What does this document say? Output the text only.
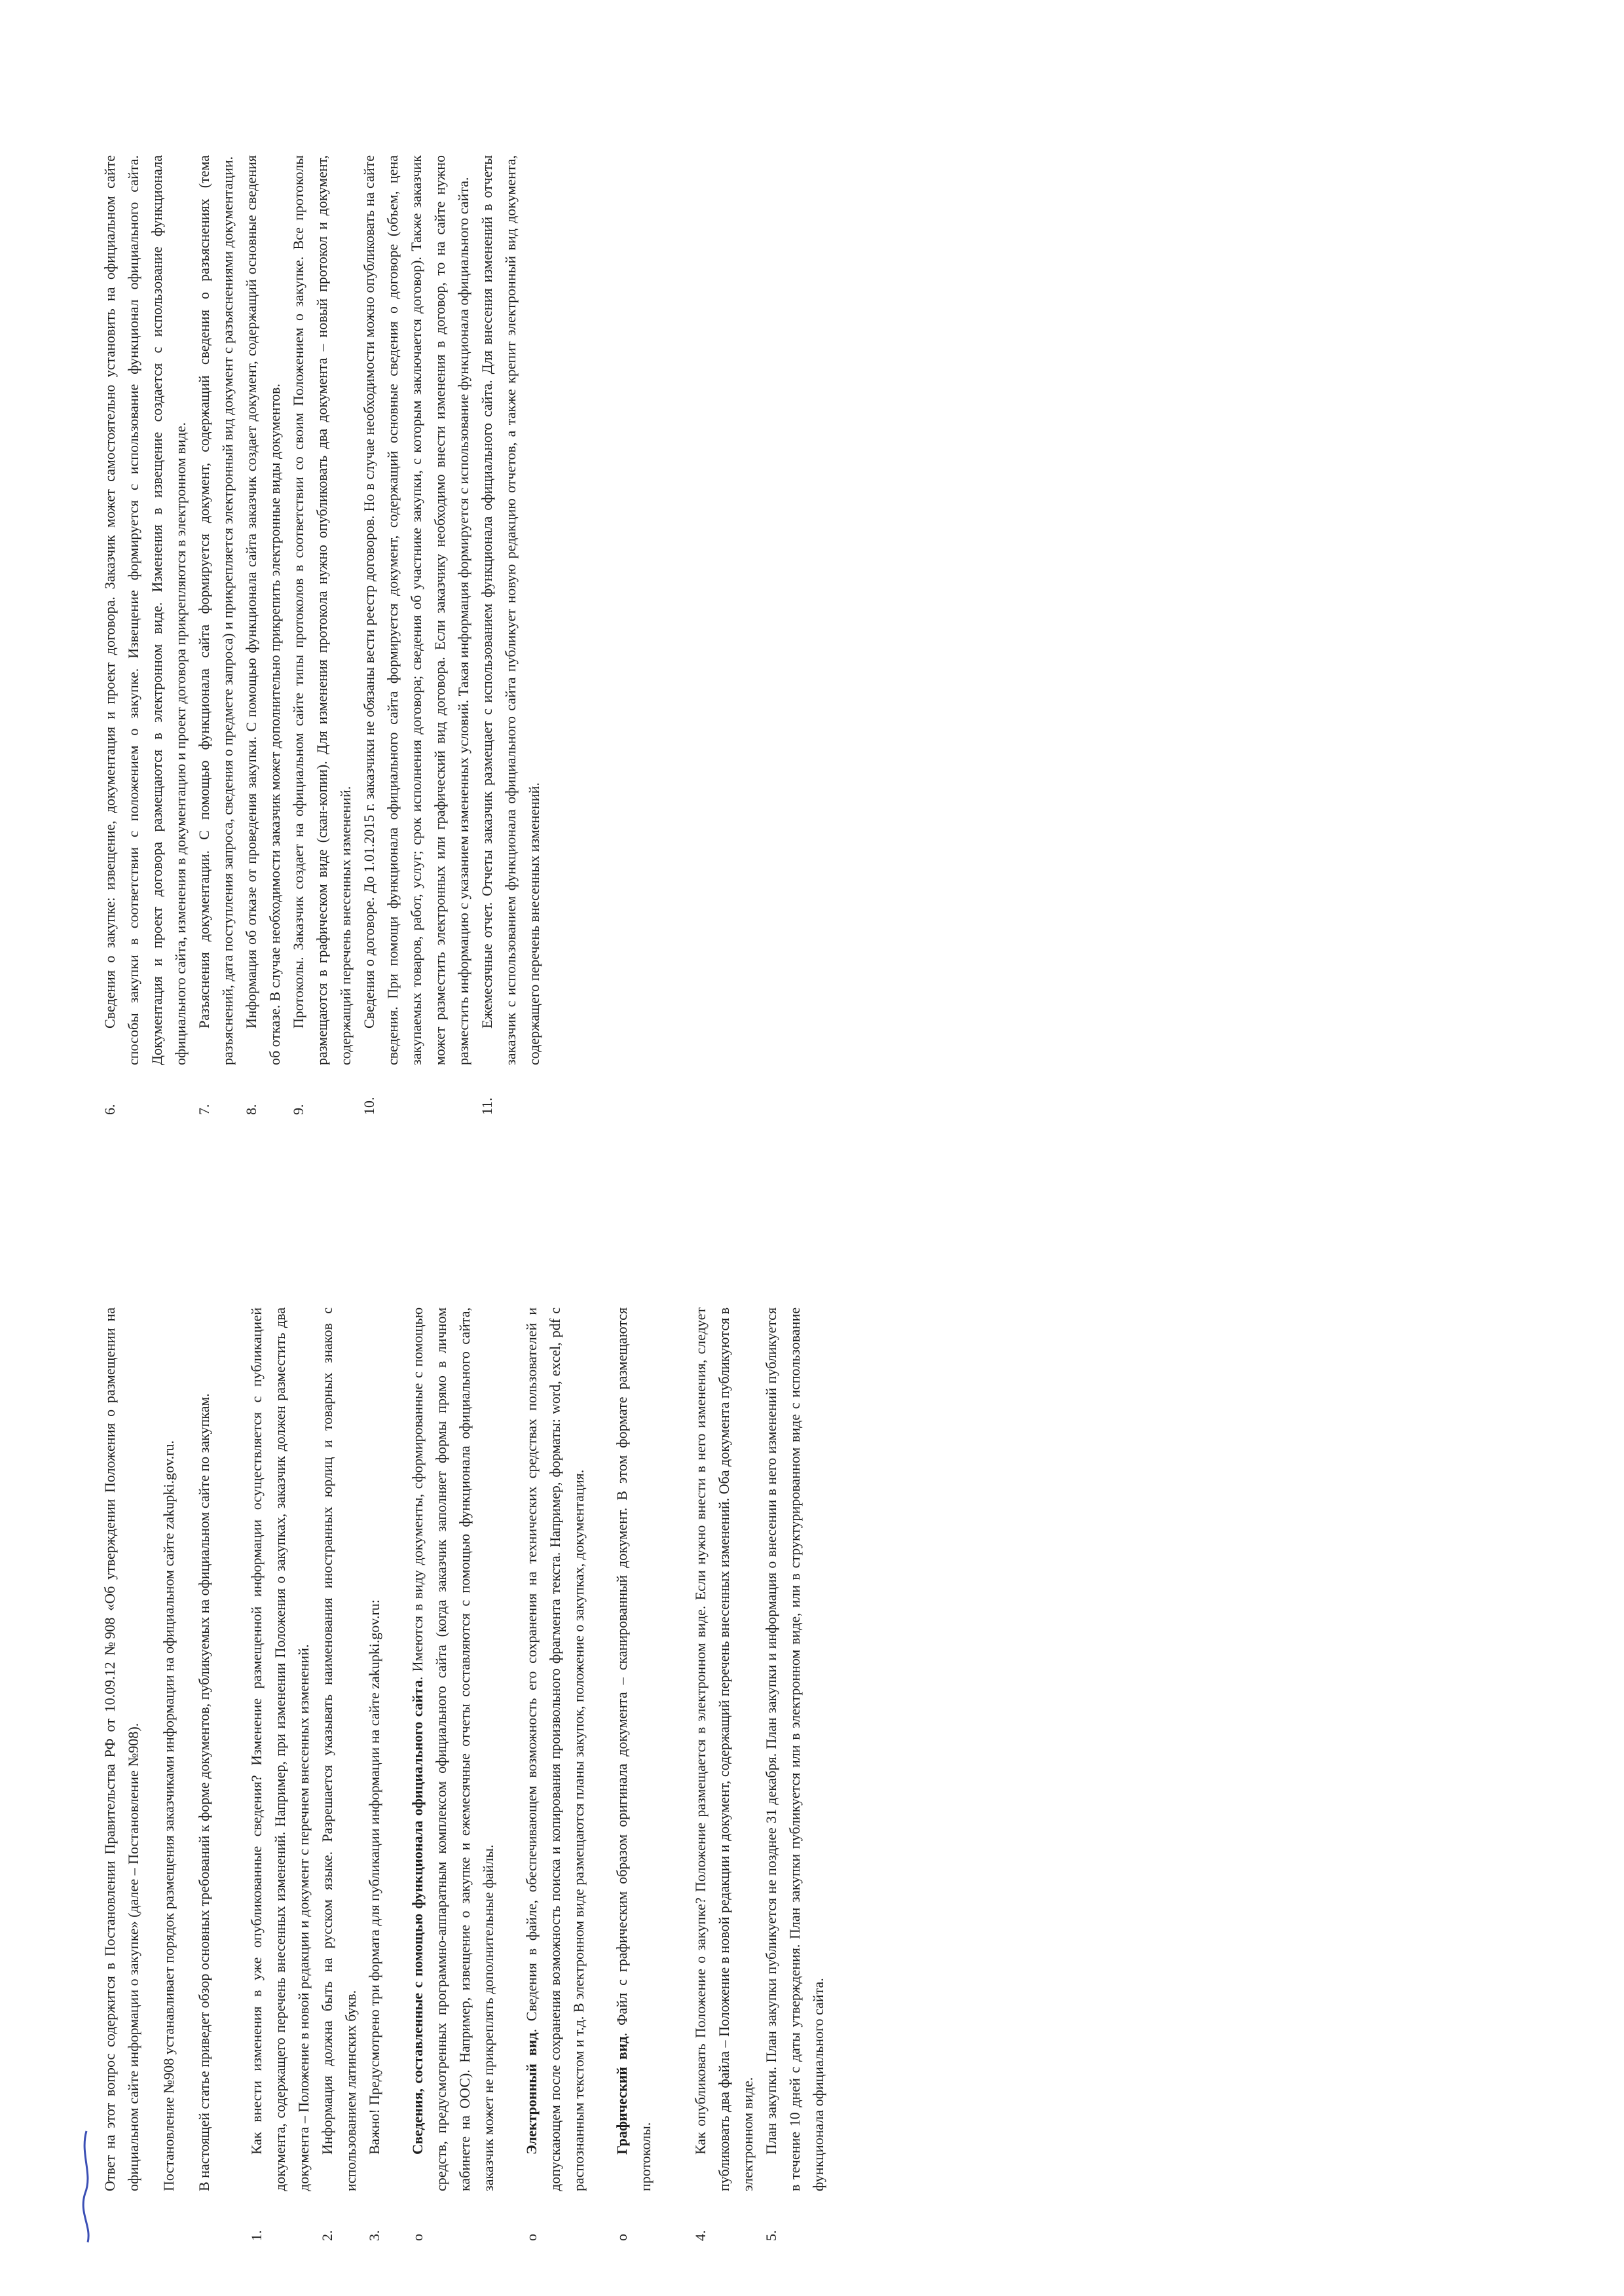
Ответ на этот вопрос содержится в Постановлении Правительства РФ от 10.09.12 №908 «Об утверждении Положения о размещении на официальном сайте информации о закупке» (далее – Постановление №908). Постановление №908 устанавливает порядок размещения заказчиками информации на официальном сайте zakupki.gov.ru. В настоящей статье приведет обзор основных требований к форме документов, публикуемых на официальном сайте по закупкам.

1.
Как внести изменения в уже опубликованные сведения? Изменение размещенной информации осуществляется с публикацией документа, содержащего перечень внесенных изменений. Например, при изменении Положения о закупках, заказчик должен разместить два документа – Положение в новой редакции и документ с перечнем внесенных изменений.
2.
Информация должна быть на русском языке. Разрешается указывать наименования иностранных юрлиц и товарных знаков с использованием латинских букв.
3.
Важно! Предусмотрено три формата для публикации информации на сайте zakupki.gov.ru:
o
Сведения, составленные с помощью функционала официального сайта. Имеются в виду документы, сформированные с помощью средств, предусмотренных программно-аппаратным комплексом официального сайта (когда заказчик заполняет формы прямо в личном кабинете на ООС). Например, извещение о закупке и ежемесячные отчеты составляются с помощью функционала официального сайта, заказчик может не прикреплять дополнительные файлы.
o
Электронный вид. Сведения в файле, обеспечивающем возможность его сохранения на технических средствах пользователей и допускающем после сохранения возможность поиска и копирования произвольного фрагмента текста. Например, форматы: word, excel, pdf с распознанным текстом и т.д. В электронном виде размещаются планы закупок, положение о закупках, документация.
o
Графический вид. Файл с графическим образом оригинала документа – сканированный документ. В этом формате размещаются протоколы.
4.
Как опубликовать Положение о закупке? Положение размещается в электронном виде. Если нужно внести в него изменения, следует публиковать два файла – Положение в новой редакции и документ, содержащий перечень внесенных изменений. Оба документа публикуются в электронном виде.
5.
План закупки. План закупки публикуется не позднее 31 декабря. План закупки и информация о внесении в него изменений публикуется в течение 10 дней с даты утверждения. План закупки публикуется или в электронном виде, или в структурированном виде с использование функционала официального сайта.
6.
Сведения о закупке: извещение, документация и проект договора. Заказчик может самостоятельно установить на официальном сайте способы закупки в соответствии с положением о закупке. Извещение формируется с использование функционал официального сайта. Документация и проект договора размещаются в электронном виде. Изменения в извещение создается с использование функционала официального сайта, изменения в документацию и проект договора прикрепляются в электронном виде.
7.
Разъяснения документации. С помощью функционала сайта формируется документ, содержащий сведения о разъяснениях (тема разъяснений, дата поступления запроса, сведения о предмете запроса) и прикрепляется электронный вид документ с разъяснениями документации.
8.
Информация об отказе от проведения закупки. С помощью функционала сайта заказчик создает документ, содержащий основные сведения об отказе. В случае необходимости заказчик может дополнительно прикрепить электронные виды документов.
9.
Протоколы. Заказчик создает на официальном сайте типы протоколов в соответствии со своим Положением о закупке. Все протоколы размещаются в графическом виде (скан-копии). Для изменения протокола нужно опубликовать два документа – новый протокол и документ, содержащий перечень внесенных изменений.
10.
Сведения о договоре. До 1.01.2015 г. заказчики не обязаны вести реестр договоров. Но в случае необходимости можно опубликовать на сайте сведения. При помощи функционала официального сайта формируется документ, содержащий основные сведения о договоре (объем, цена закупаемых товаров, работ, услуг; срок исполнения договора; сведения об участнике закупки, с которым заключается договор). Также заказчик может разместить электронных или графический вид договора. Если заказчику необходимо внести изменения в договор, то на сайте нужно разместить информацию с указанием измененных условий. Такая информация формируется с использование функционала официального сайта.
11.
Ежемесячные отчет. Отчеты заказчик размещает с использованием функционала официального сайта. Для внесения изменений в отчеты заказчик с использованием функционала официального сайта публикует новую редакцию отчетов, а также крепит электронный вид документа, содержащего перечень внесенных изменений.
